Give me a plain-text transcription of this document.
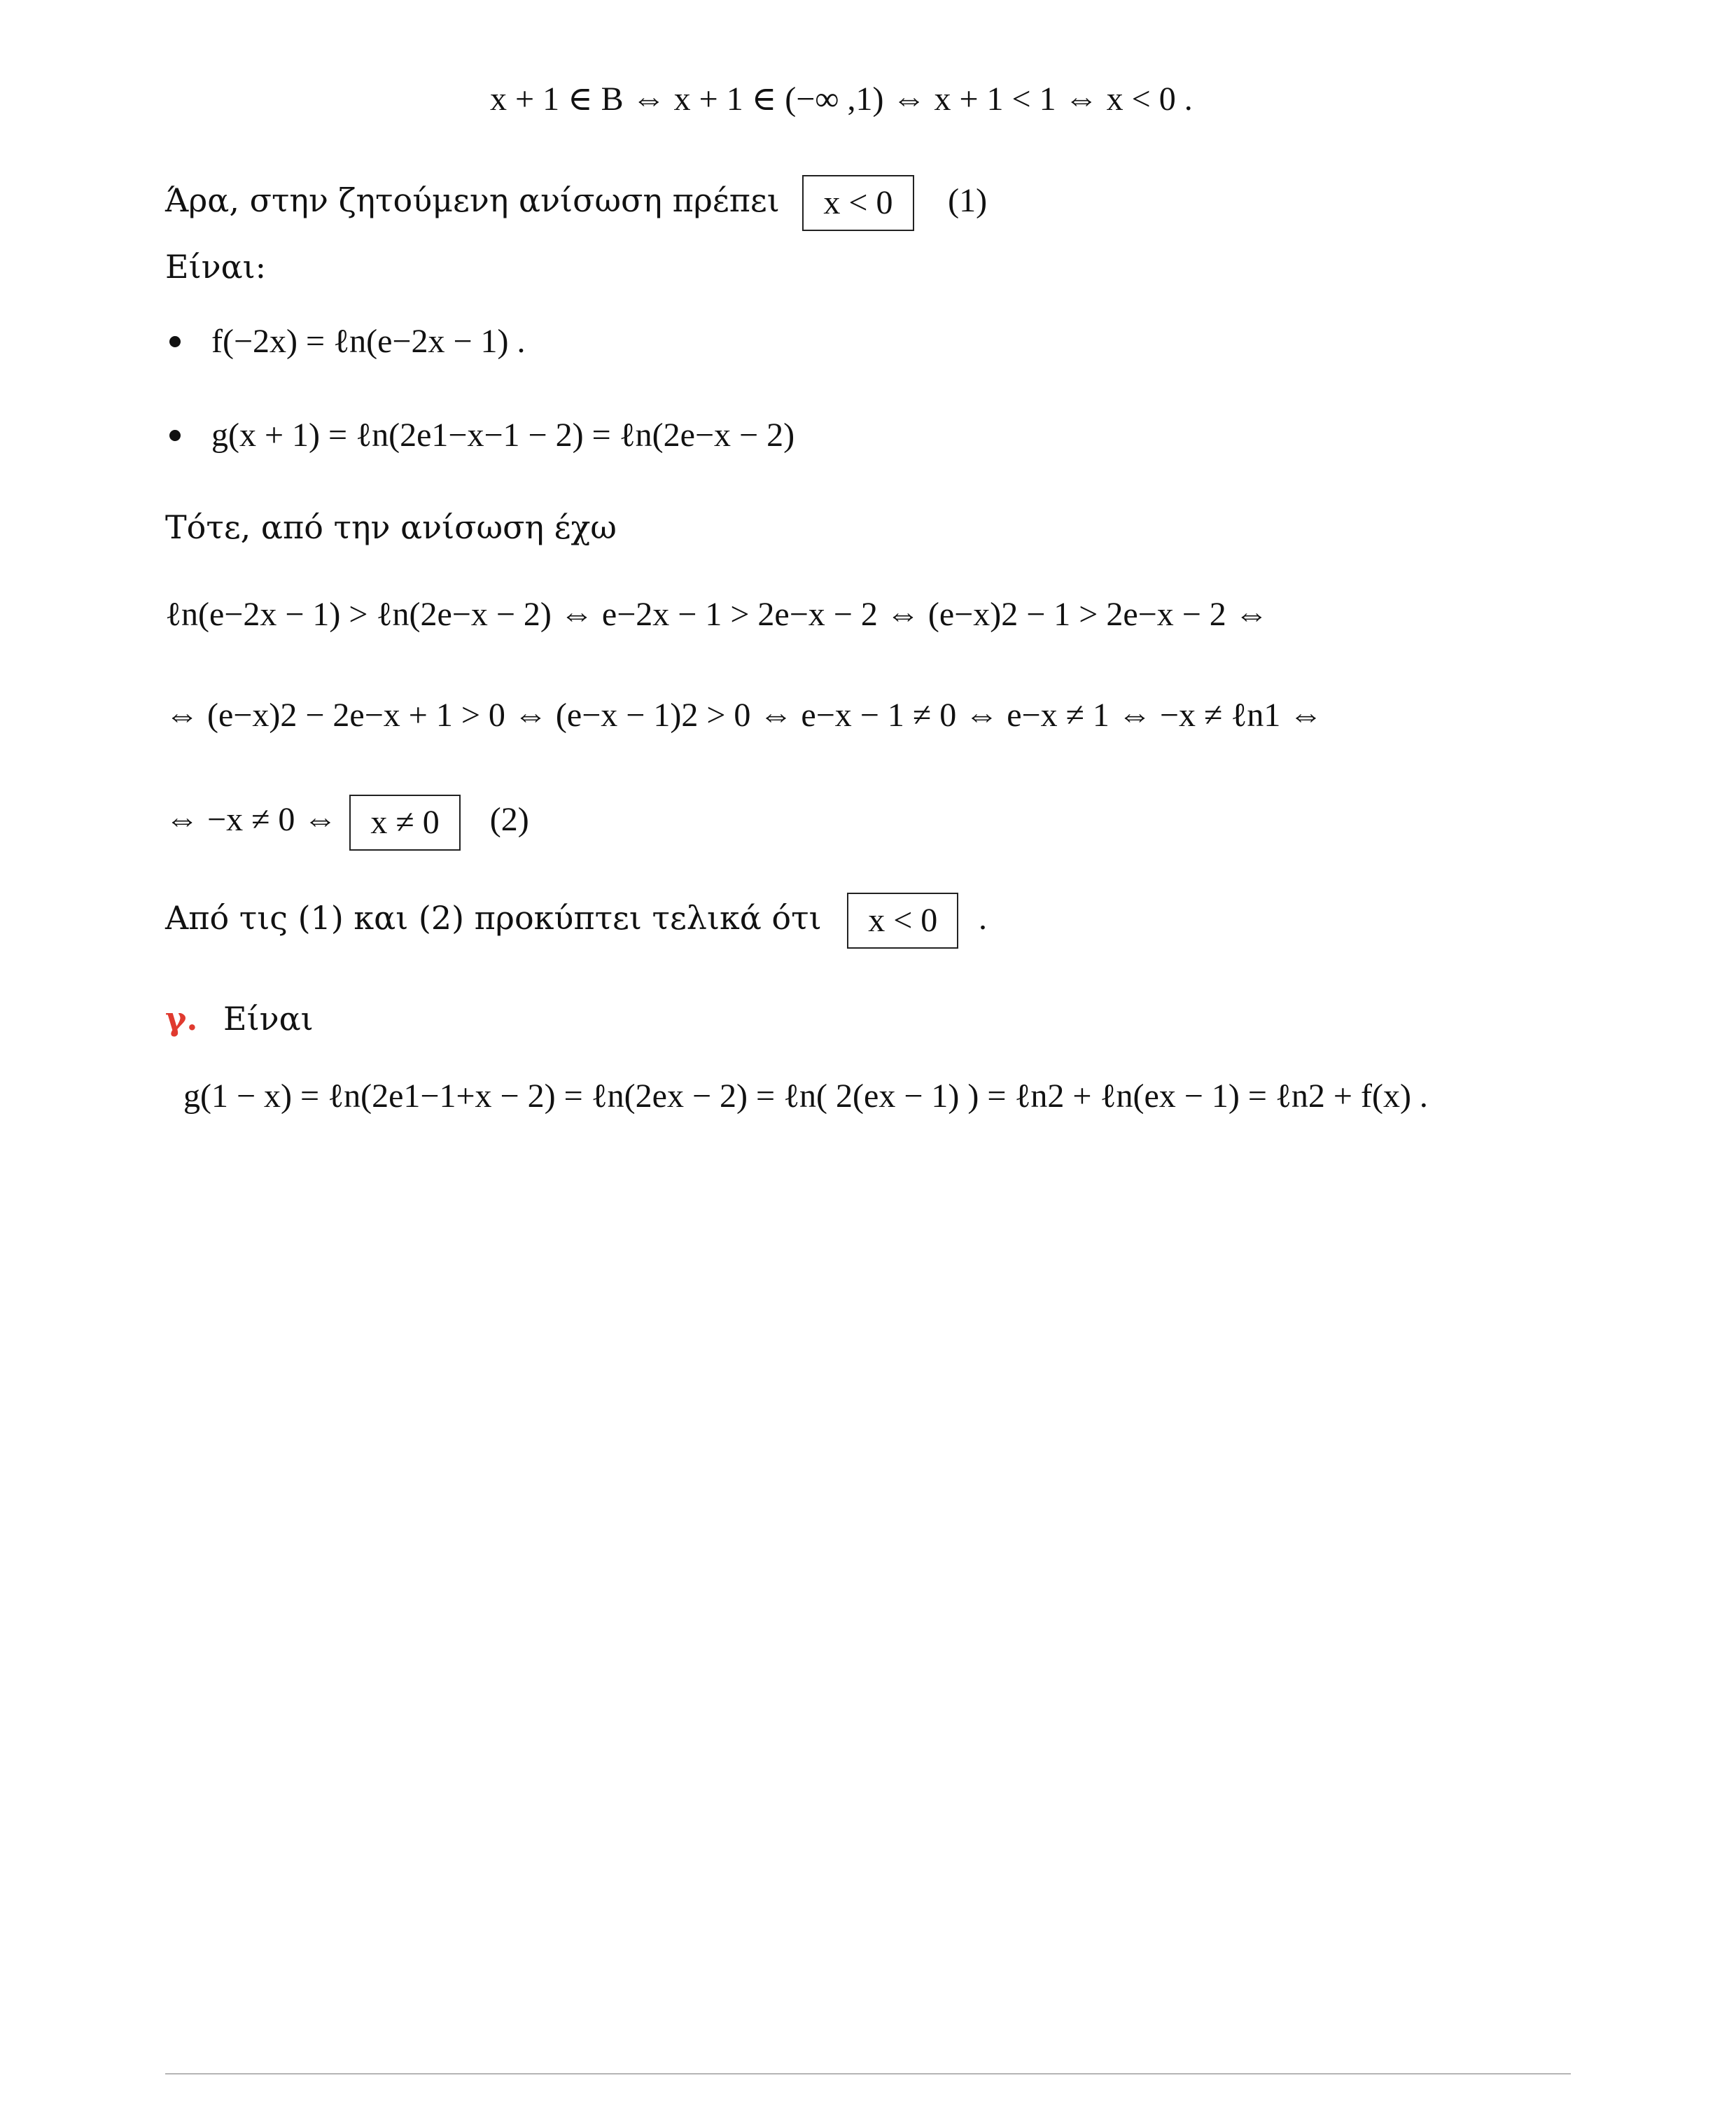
x + 1 ∈ B ⇔ x + 1 ∈ (−∞ ,1) ⇔ x + 1 < 1 ⇔ x < 0 .
Άρα, στην ζητούμενη ανίσωση πρέπει x < 0 (1)
Είναι:
f(−2x) = ℓn(e−2x − 1) .
g(x + 1) = ℓn(2e1−x−1 − 2) = ℓn(2e−x − 2)
Τότε, από την ανίσωση έχω
ℓn(e−2x − 1) > ℓn(2e−x − 2) ⇔ e−2x − 1 > 2e−x − 2 ⇔ (e−x)2 − 1 > 2e−x − 2 ⇔
⇔ (e−x)2 − 2e−x + 1 > 0 ⇔ (e−x − 1)2 > 0 ⇔ e−x − 1 ≠ 0 ⇔ e−x ≠ 1 ⇔ −x ≠ ℓn1 ⇔
⇔ −x ≠ 0 ⇔ x ≠ 0 (2)
Από τις (1) και (2) προκύπτει τελικά ότι x < 0 .
γ. Είναι
g(1 − x) = ℓn(2e1−1+x − 2) = ℓn(2ex − 2) = ℓn( 2(ex − 1) ) = ℓn2 + ℓn(ex − 1) = ℓn2 + f(x) .
